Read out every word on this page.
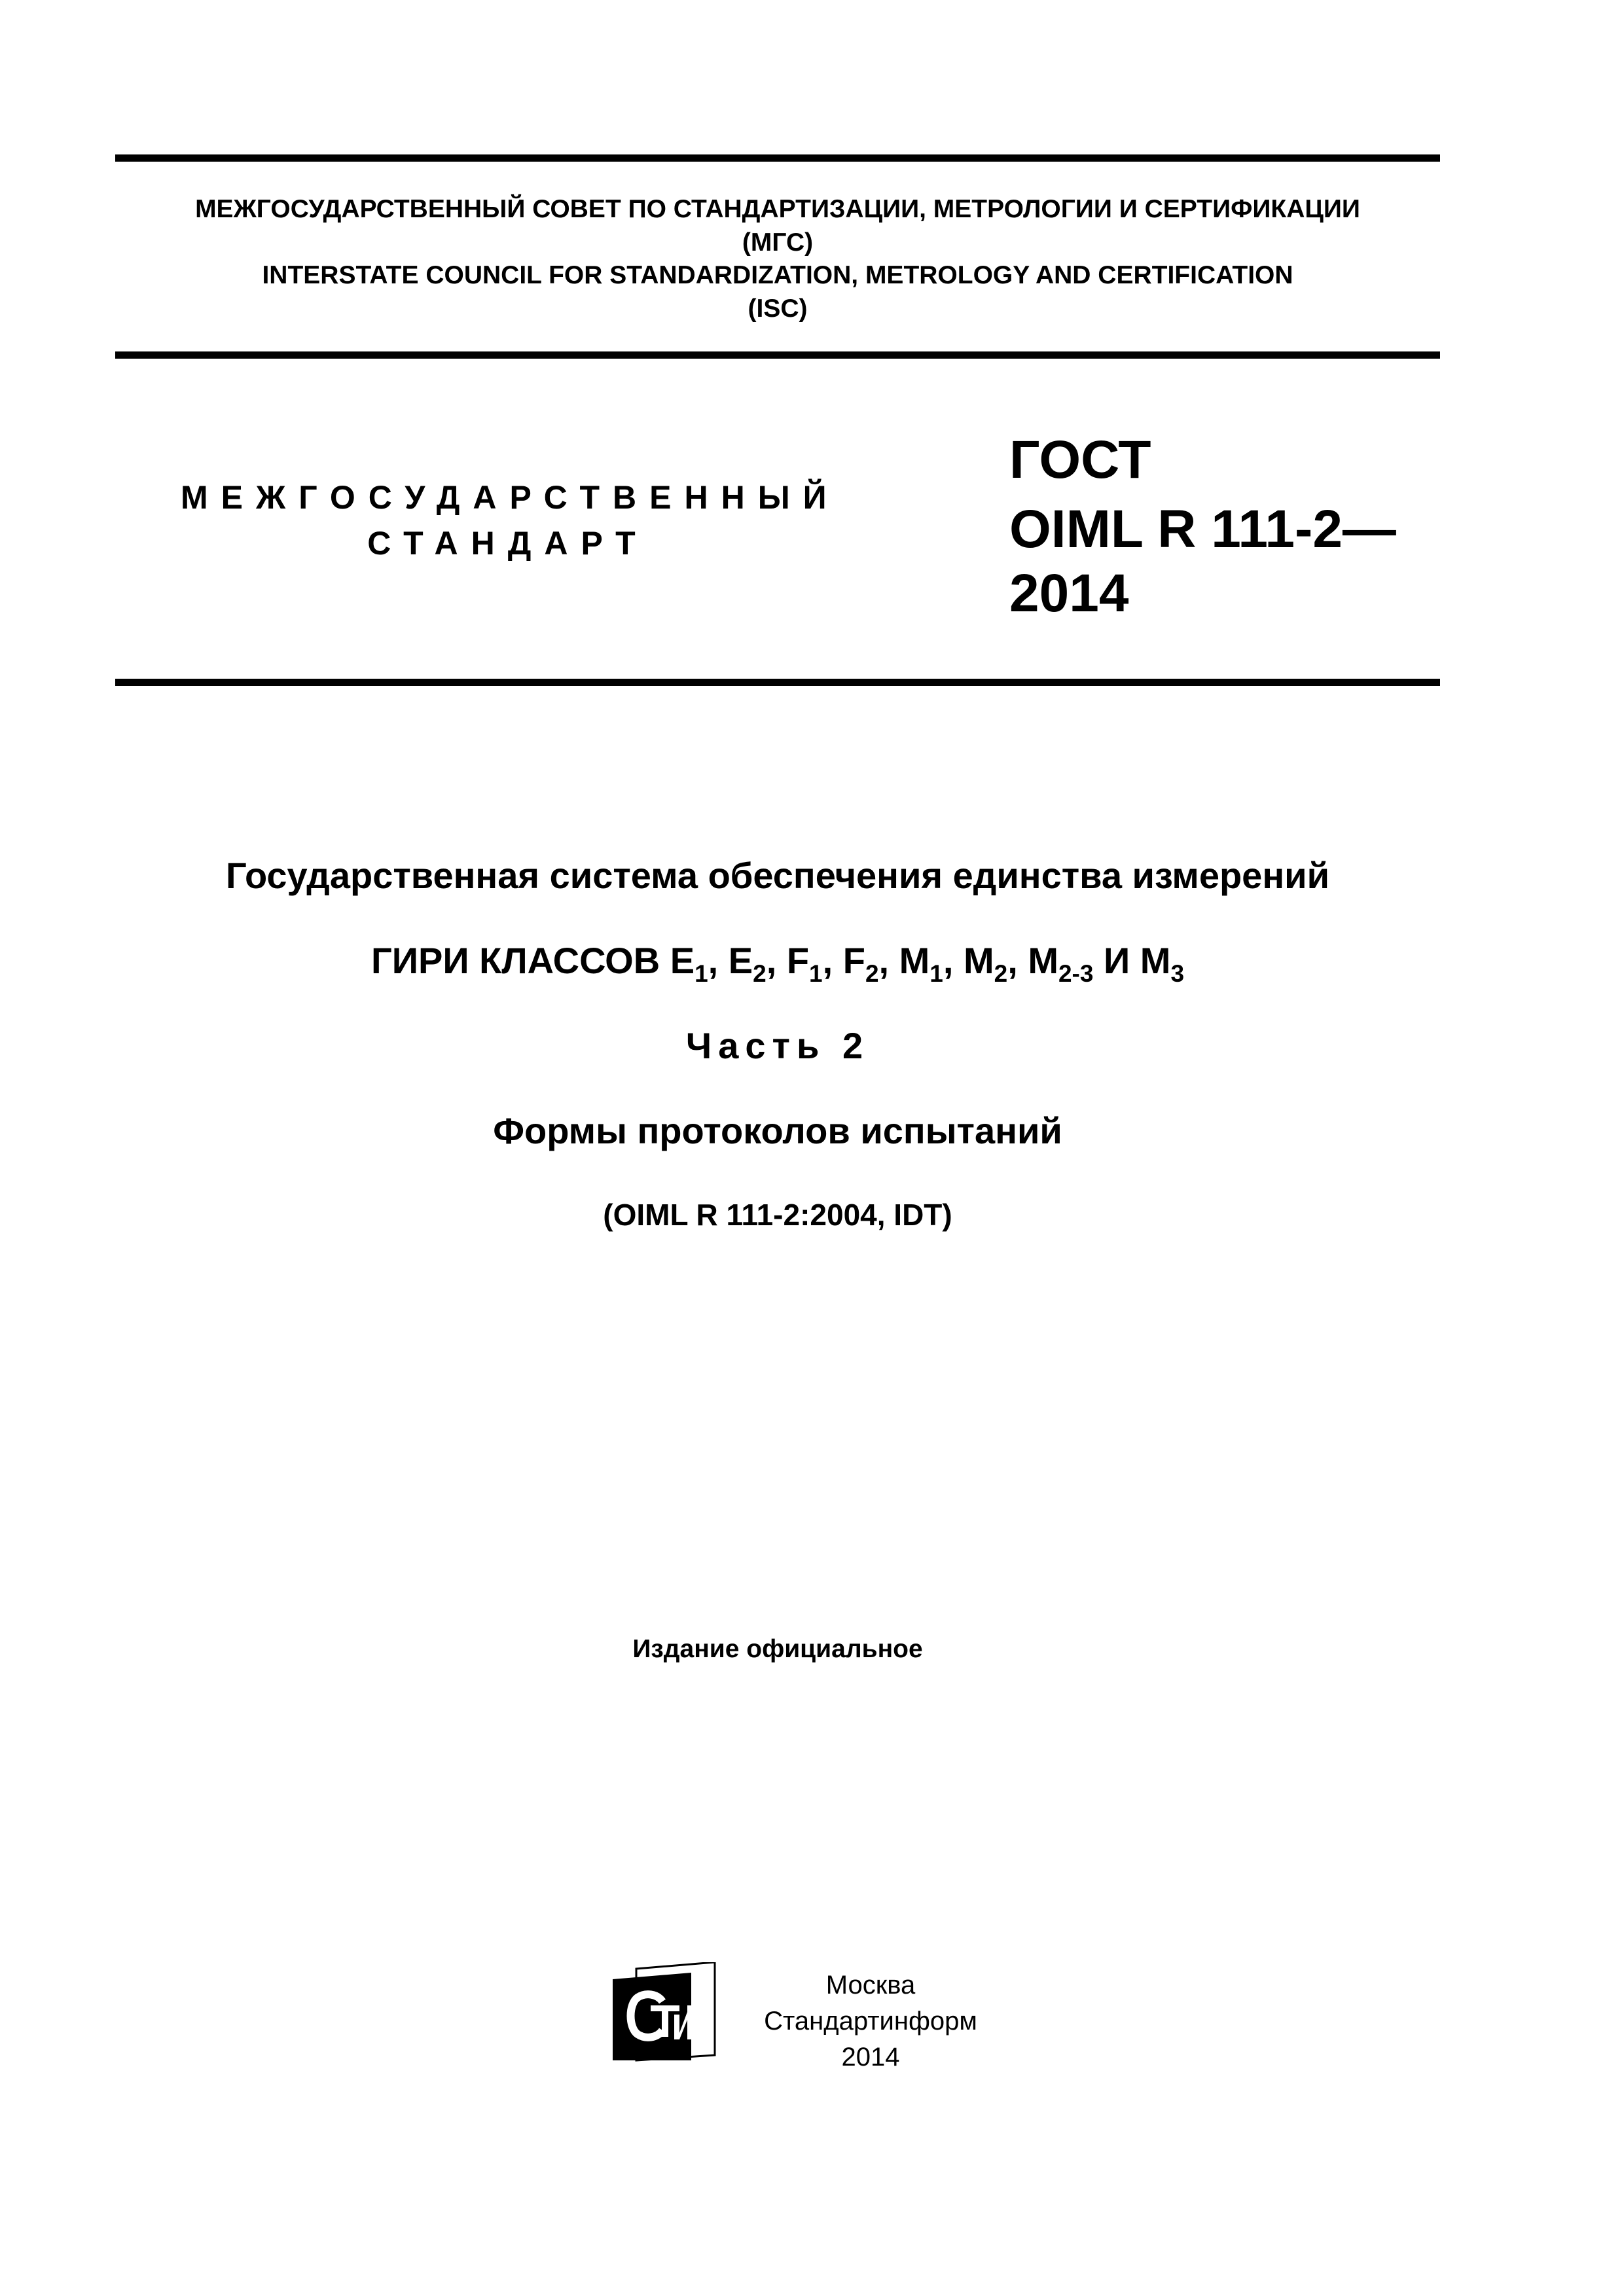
МЕЖГОСУДАРСТВЕННЫЙ СОВЕТ ПО СТАНДАРТИЗАЦИИ, МЕТРОЛОГИИ И СЕРТИФИКАЦИИ
(МГС)
INTERSTATE COUNCIL FOR STANDARDIZATION, METROLOGY AND CERTIFICATION
(ISC)
МЕЖГОСУДАРСТВЕННЫЙ
СТАНДАРТ
ГОСТ
OIML R 111-2—
2014
Государственная система обеспечения единства измерений
ГИРИ КЛАССОВ $E_1$, $E_2$, $F_1$, $F_2$, $M_1$, $M_2$, $M_{2-3}$ И $M_3$
Часть 2
Формы протоколов испытаний
(OIML R 111-2:2004, IDT)
Издание официальное
Москва
Стандартинформ
2014
